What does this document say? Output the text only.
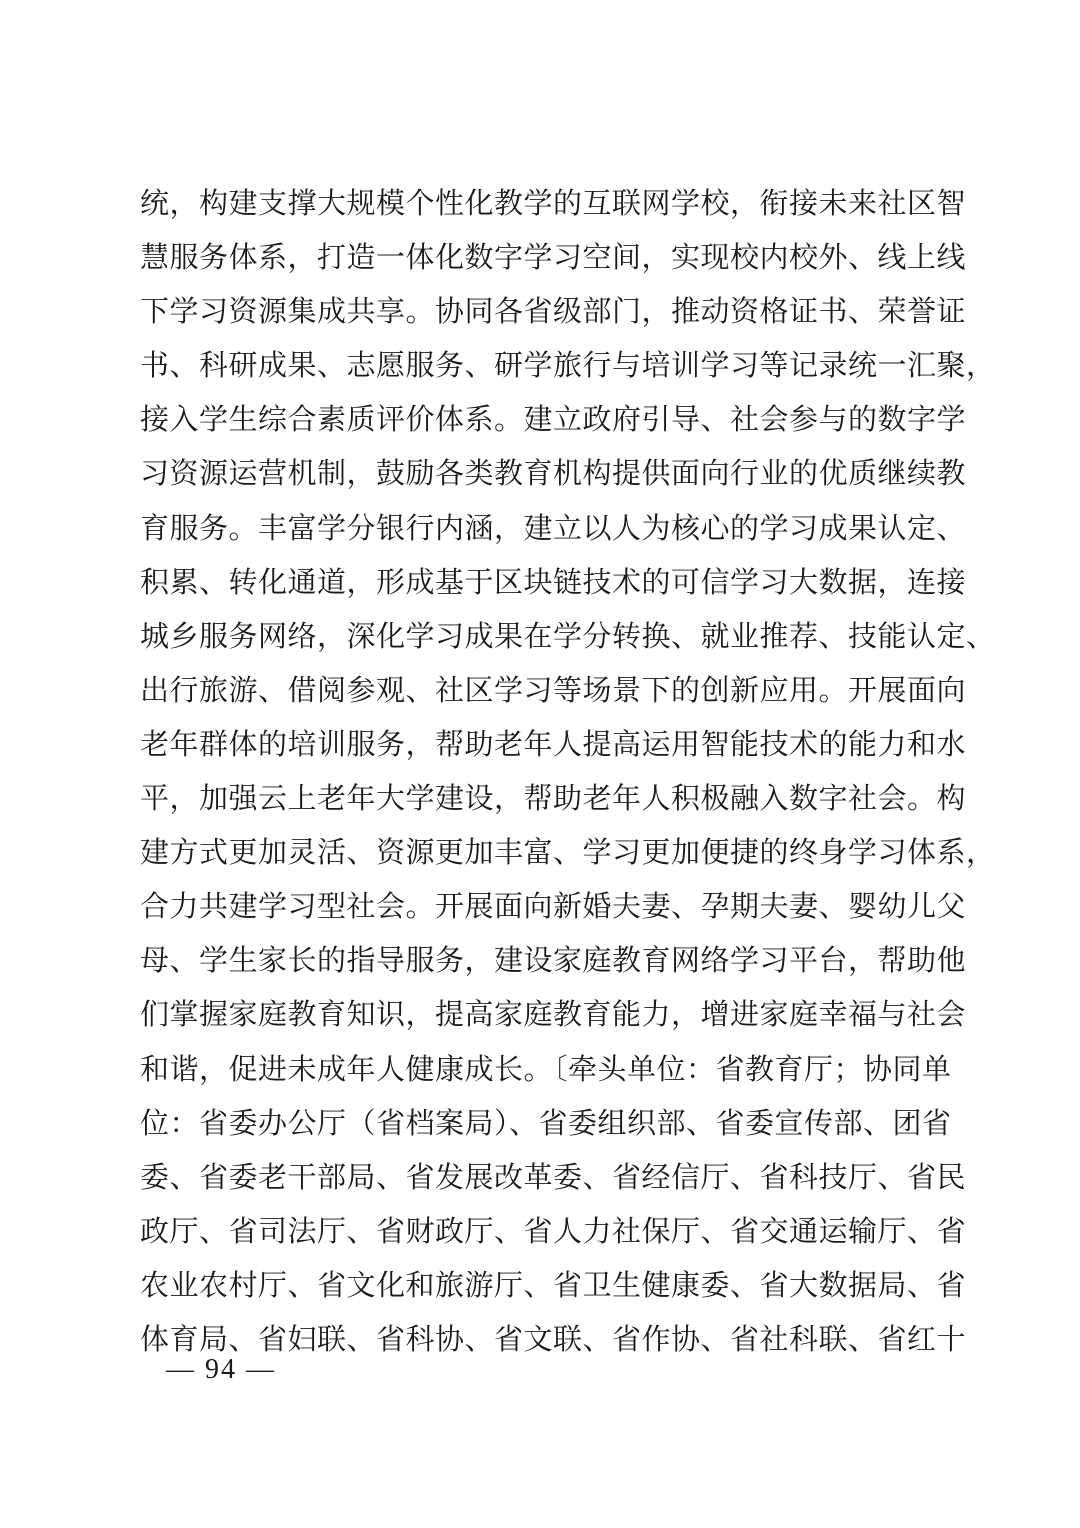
统，构建支撑大规模个性化教学的互联网学校，衔接未来社区智
慧服务体系，打造一体化数字学习空间，实现校内校外、线上线
下学习资源集成共享。协同各省级部门，推动资格证书、荣誉证
书、科研成果、志愿服务、研学旅行与培训学习等记录统一汇聚，
接入学生综合素质评价体系。建立政府引导、社会参与的数字学
习资源运营机制，鼓励各类教育机构提供面向行业的优质继续教
育服务。丰富学分银行内涵，建立以人为核心的学习成果认定、
积累、转化通道，形成基于区块链技术的可信学习大数据，连接
城乡服务网络，深化学习成果在学分转换、就业推荐、技能认定、
出行旅游、借阅参观、社区学习等场景下的创新应用。开展面向
老年群体的培训服务，帮助老年人提高运用智能技术的能力和水
平，加强云上老年大学建设，帮助老年人积极融入数字社会。构
建方式更加灵活、资源更加丰富、学习更加便捷的终身学习体系，
合力共建学习型社会。开展面向新婚夫妻、孕期夫妻、婴幼儿父
母、学生家长的指导服务，建设家庭教育网络学习平台，帮助他
们掌握家庭教育知识，提高家庭教育能力，增进家庭幸福与社会
和谐，促进未成年人健康成长。〔牵头单位：省教育厅；协同单
位：省委办公厅（省档案局）、省委组织部、省委宣传部、团省
委、省委老干部局、省发展改革委、省经信厅、省科技厅、省民
政厅、省司法厅、省财政厅、省人力社保厅、省交通运输厅、省
农业农村厅、省文化和旅游厅、省卫生健康委、省大数据局、省
体育局、省妇联、省科协、省文联、省作协、省社科联、省红十
— 94 —
